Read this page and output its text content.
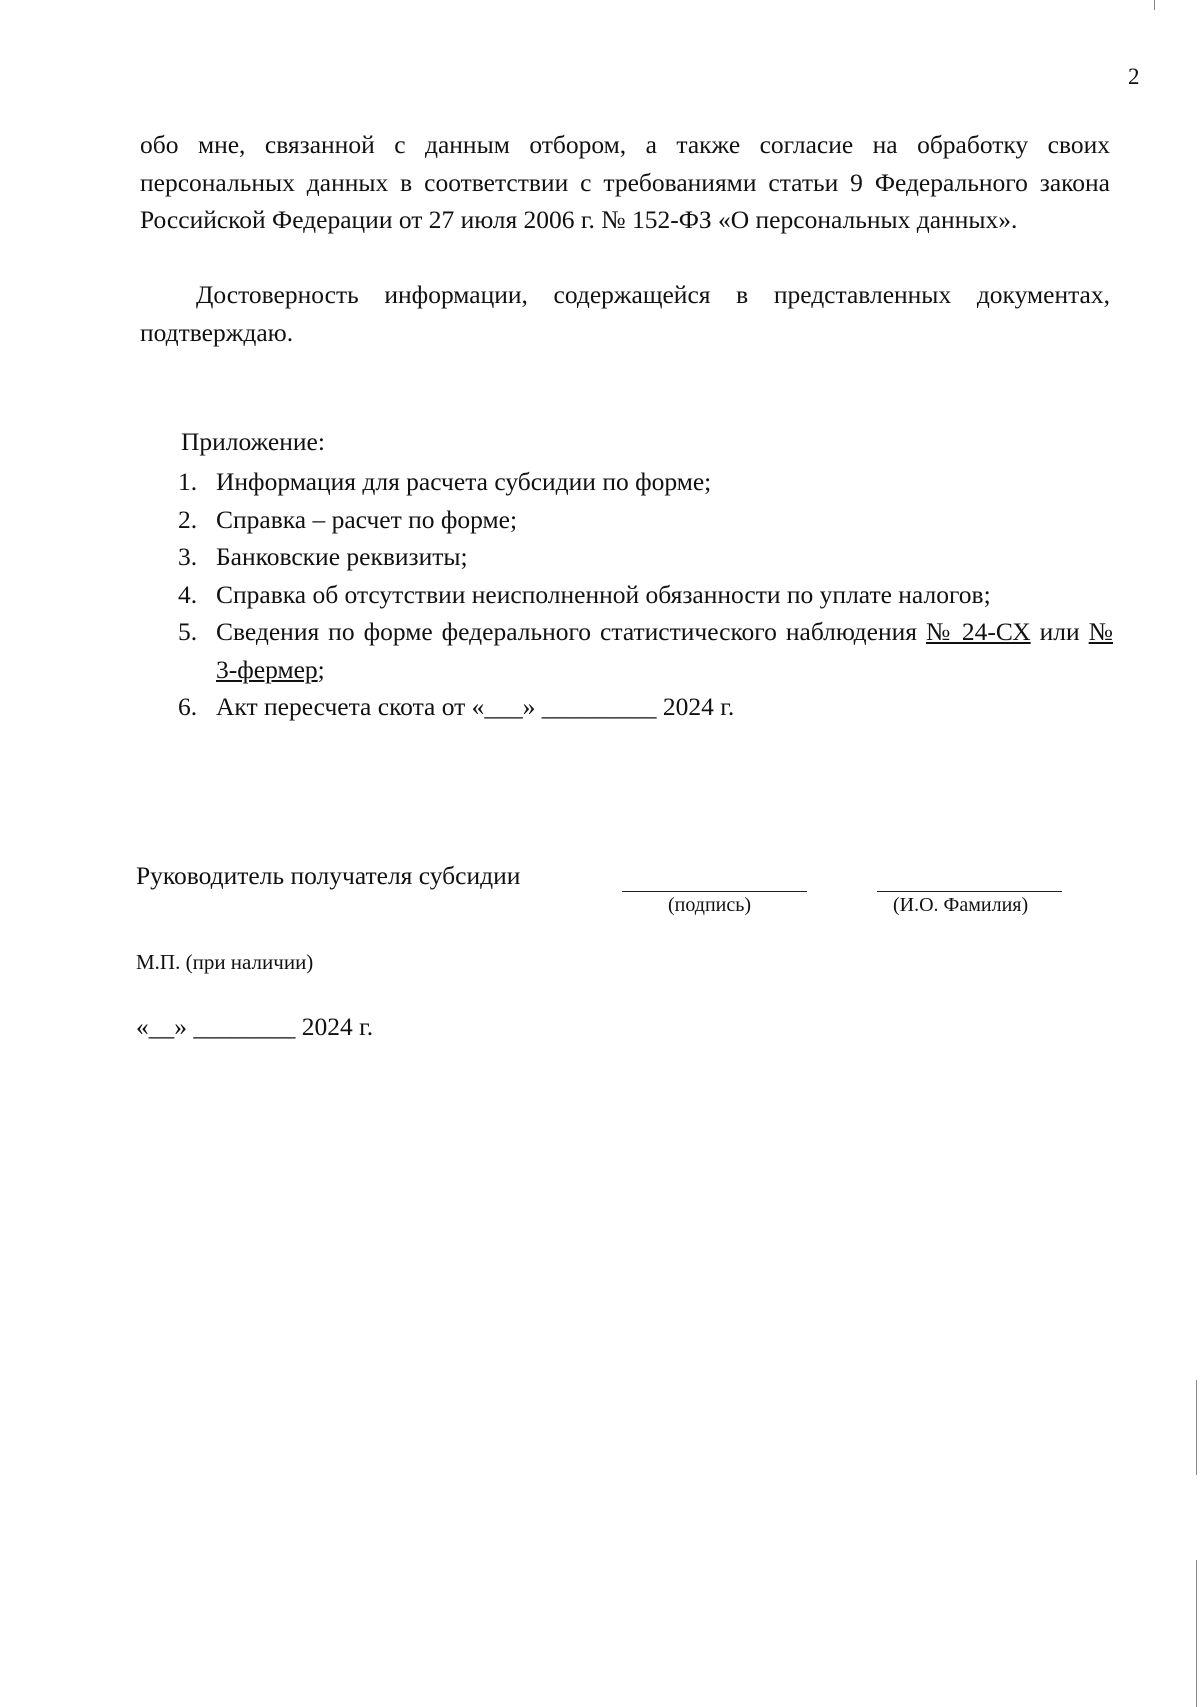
2

обо мне, связанной с данным отбором, а также согласие на обработку своих персональных данных в соответствии с требованиями статьи 9 Федерального закона Российской Федерации от 27 июля 2006 г. № 152-ФЗ «О персональных данных».

Достоверность информации, содержащейся в представленных документах, подтверждаю.

Приложение:

1. Информация для расчета субсидии по форме;
2. Справка – расчет по форме;
3. Банковские реквизиты;
4. Справка об отсутствии неисполненной обязанности по уплате налогов;
5. Сведения по форме федерального статистического наблюдения № 24-СХ или № 3-фермер;
6. Акт пересчета скота от «___» _________ 2024 г.
Руководитель получателя субсидии
(подпись)	(И.О. Фамилия)
М.П. (при наличии)
«__» ________ 2024 г.
